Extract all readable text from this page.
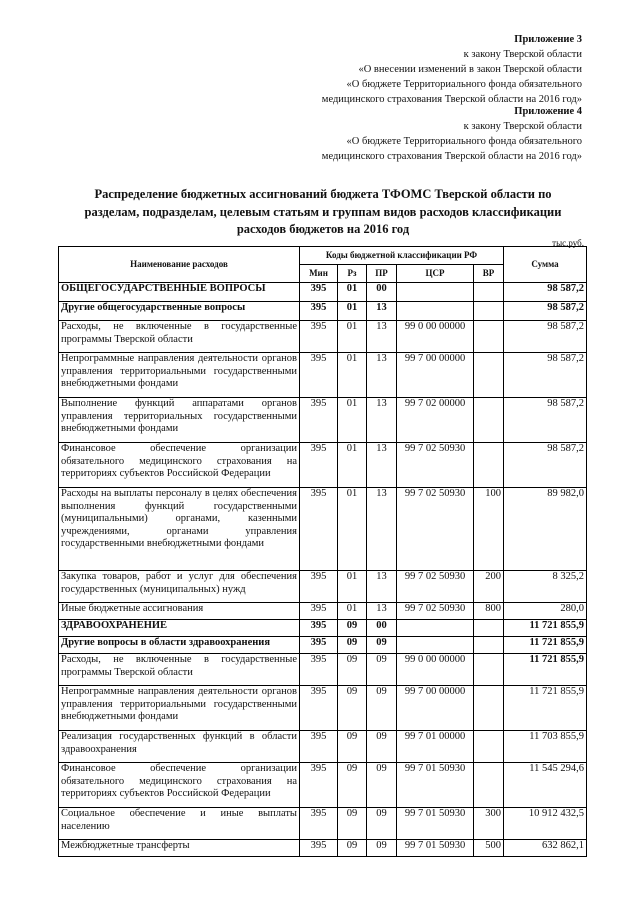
Приложение 3
к закону Тверской области
«О внесении изменений в закон Тверской области
«О бюджете Территориального фонда обязательного
медицинского страхования Тверской области на 2016 год»
Приложение 4
к закону Тверской области
«О бюджете Территориального фонда обязательного
медицинского страхования Тверской области на 2016 год»
Распределение бюджетных ассигнований бюджета ТФОМС Тверской области по
разделам, подразделам, целевым статьям и группам видов расходов классификации
расходов бюджетов на 2016 год
тыс.руб.
Наименование расходов	Коды бюджетной классификации РФ					Сумма
	Мин	Рз	ПР	ЦСР	ВР	
ОБЩЕГОСУДАРСТВЕННЫЕ ВОПРОСЫ	395	01	00			98 587,2
Другие общегосударственные вопросы	395	01	13			98 587,2
Расходы, не включенные в государственные программы Тверской области	395	01	13	99 0 00 00000		98 587,2
Непрограммные направления деятельности органов управления территориальными государственными внебюджетными фондами	395	01	13	99 7 00 00000		98 587,2
Выполнение функций аппаратами органов управления территориальных государственными внебюджетными фондами	395	01	13	99 7 02 00000		98 587,2
Финансовое обеспечение организации обязательного медицинского страхования на территориях субъектов Российской Федерации	395	01	13	99 7 02 50930		98 587,2
Расходы на выплаты персоналу в целях обеспечения выполнения функций государственными (муниципальными) органами, казенными учреждениями, органами управления государственными внебюджетными фондами	395	01	13	99 7 02 50930	100	89 982,0
Закупка товаров, работ и услуг для обеспечения государственных (муниципальных) нужд	395	01	13	99 7 02 50930	200	8 325,2
Иные бюджетные ассигнования	395	01	13	99 7 02 50930	800	280,0
ЗДРАВООХРАНЕНИЕ	395	09	00			11 721 855,9
Другие вопросы в области здравоохранения	395	09	09			11 721 855,9
Расходы, не включенные в государственные программы Тверской области	395	09	09	99 0 00 00000		11 721 855,9
Непрограммные направления деятельности органов управления территориальными государственными внебюджетными фондами	395	09	09	99 7 00 00000		11 721 855,9
Реализация государственных функций в области здравоохранения	395	09	09	99 7 01 00000		11 703 855,9
Финансовое обеспечение организации обязательного медицинского страхования на территориях субъектов Российской Федерации	395	09	09	99 7 01 50930		11 545 294,6
Социальное обеспечение и иные выплаты населению	395	09	09	99 7 01 50930	300	10 912 432,5
Межбюджетные трансферты	395	09	09	99 7 01 50930	500	632 862,1
